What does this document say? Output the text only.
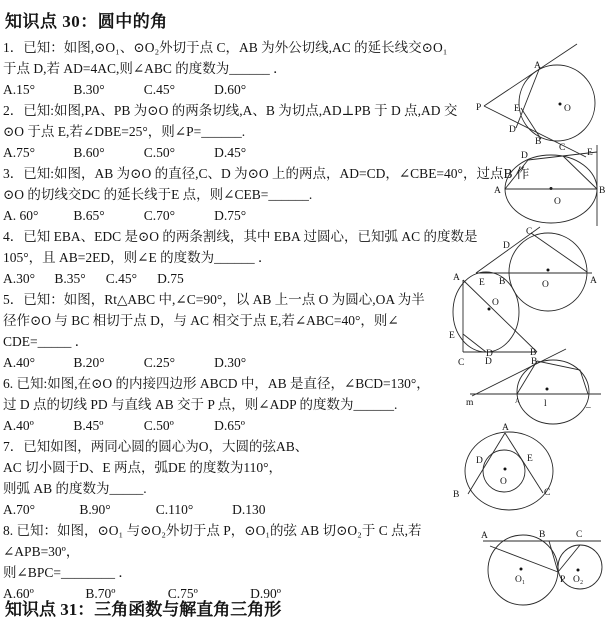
知识点 30：圆中的角
1．已知：如图,⊙O₁、⊙O₂外切于点 C，AB 为外公切线,AC 的延长线交⊙O₁
于点 D,若 AD=4AC,则∠ABC 的度数为______ ．
A.15°	B.30°	C.45°	D.60°
2．已知:如图,PA、PB 为⊙O 的两条切线,A、B 为切点,AD⊥PB 于 D 点,AD 交
⊙O 于点 E,若∠DBE=25°，则∠P=______.
A.75°	B.60°	C.50°	D.45°
3．已知:如图，AB 为⊙O 的直径,C、D 为⊙O 上的两点，AD=CD，∠CBE=40°，过点B 作
⊙O 的切线交DC 的延长线于E 点，则∠CEB=______.
A. 60°	B.65°	C.70°	D.75°
4．已知 EBA、EDC 是⊙O 的两条割线，其中 EBA 过圆心，已知弧 AC 的度数是
105°，且 AB=2ED，则∠E 的度数为______ ．
A.30° B.35° C.45° D.75
5．已知：如图，Rt△ABC 中,∠C=90°，以 AB 上一点 O 为圆心,OA 为半
径作⊙O 与 BC 相切于点 D，与 AC 相交于点 E,若∠ABC=40°，则∠
CDE=_____ ．
A.40°	B.20°	C.25°	D.30°
6. 已知:如图,在⊙O 的内接四边形 ABCD 中，AB 是直径，∠BCD=130°，
过 D 点的切线 PD 与直线 AB 交于 P 点，则∠ADP 的度数为______.
A.40º	B.45º	C.50º	D.65º
7．已知如图，两同心圆的圆心为O，大圆的弦AB、
AC 切小圆于D、E 两点，弧DE 的度数为110°，
则弧 AB 的度数为_____.
A.70°	B.90°	C.110°	D.130
8. 已知：如图，⊙O₁ 与⊙O₂外切于点 P，⊙O₁的弦 AB 切⊙O₂于 C 点,若
∠APB=30º，
则∠BPC=________ ．
A.60º	B.70º	C.75º	D.90º
P
A
E
D
B
O
D
C E
A	B
O
C
D
E B	O	A
A
O
E
C D	B
m
D	B
A	l	–
A
D	E
B	C
O
A	B	C
P
O₁	O₂
知识点 31：三角函数与解直角三角形
